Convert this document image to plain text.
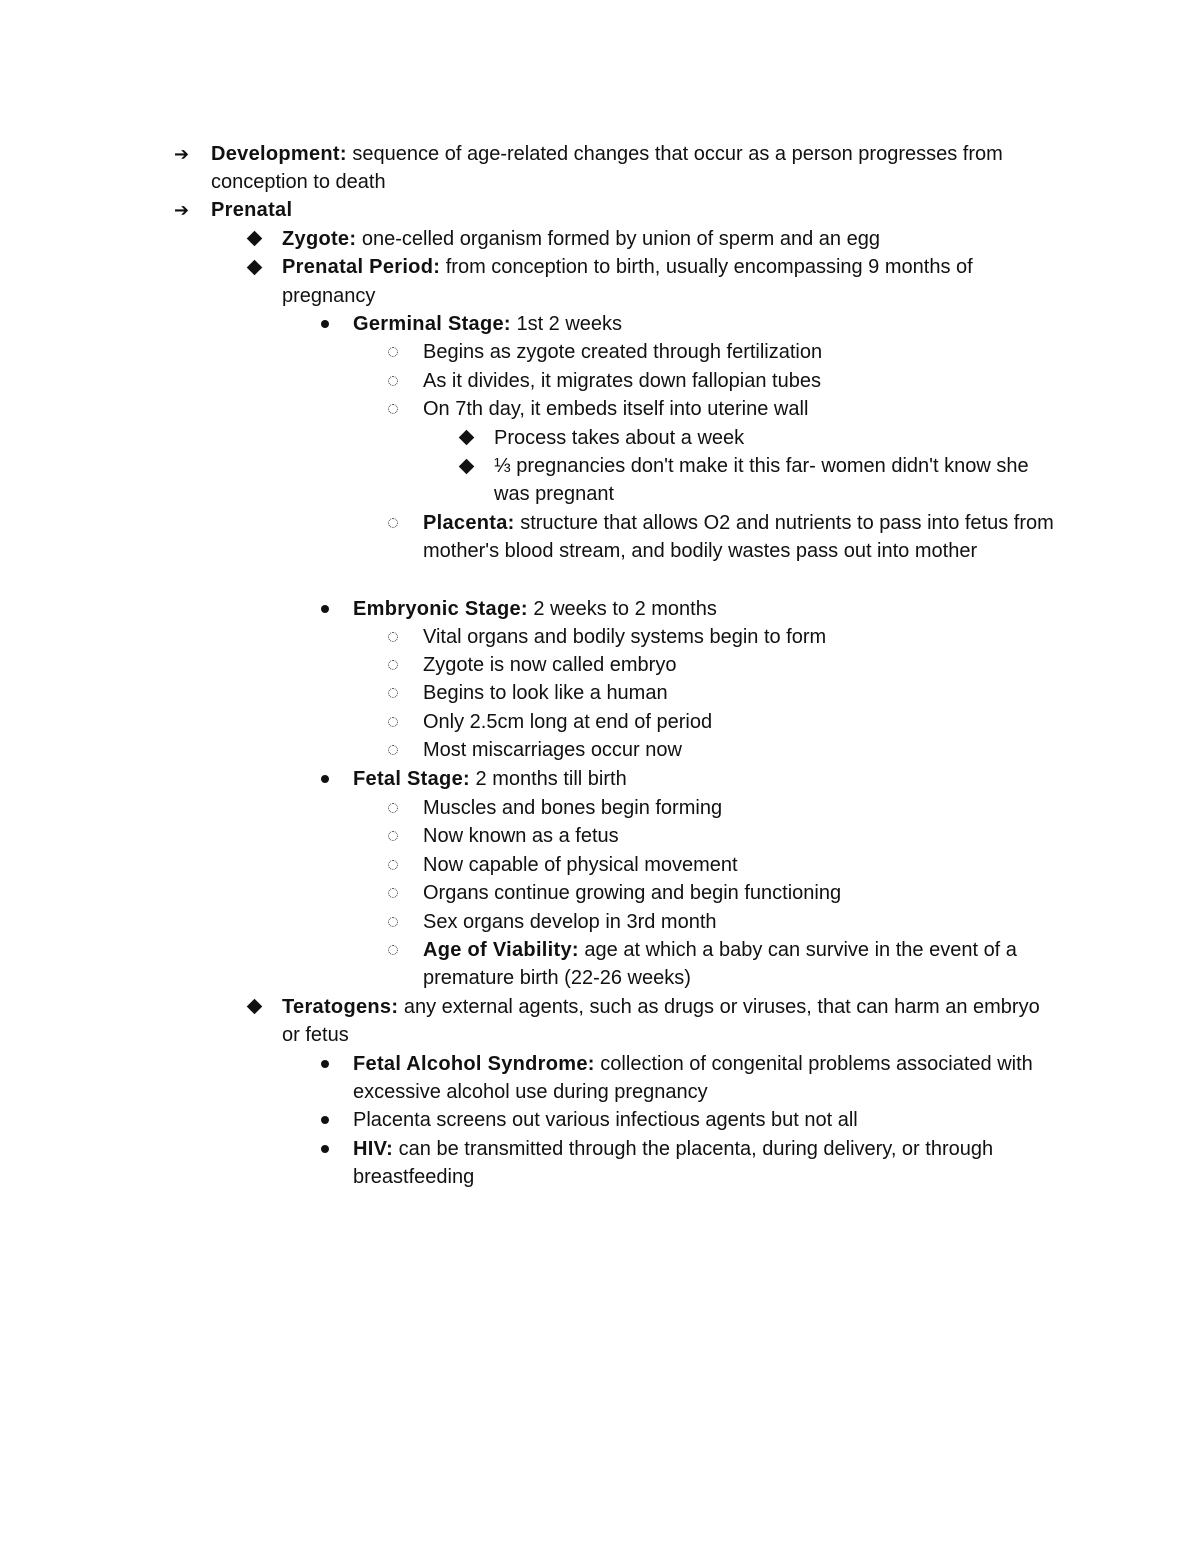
➔	Development: sequence of age-related changes that occur as a person progresses from conception to death
➔	Prenatal
Zygote: one-celled organism formed by union of sperm and an egg
Prenatal Period: from conception to birth, usually encompassing 9 months of pregnancy
Germinal Stage: 1st 2 weeks
Begins as zygote created through fertilization
As it divides, it migrates down fallopian tubes
On 7th day, it embeds itself into uterine wall
Process takes about a week
⅓ pregnancies don't make it this far- women didn't know she was pregnant
Placenta: structure that allows O2 and nutrients to pass into fetus from mother's blood stream, and bodily wastes pass out into mother
Embryonic Stage: 2 weeks to 2 months
Vital organs and bodily systems begin to form
Zygote is now called embryo
Begins to look like a human
Only 2.5cm long at end of period
Most miscarriages occur now
Fetal Stage: 2 months till birth
Muscles and bones begin forming
Now known as a fetus
Now capable of physical movement
Organs continue growing and begin functioning
Sex organs develop in 3rd month
Age of Viability: age at which a baby can survive in the event of a premature birth (22-26 weeks)
Teratogens: any external agents, such as drugs or viruses, that can harm an embryo or fetus
Fetal Alcohol Syndrome: collection of congenital problems associated with excessive alcohol use during pregnancy
Placenta screens out various infectious agents but not all
HIV: can be transmitted through the placenta, during delivery, or through breastfeeding
